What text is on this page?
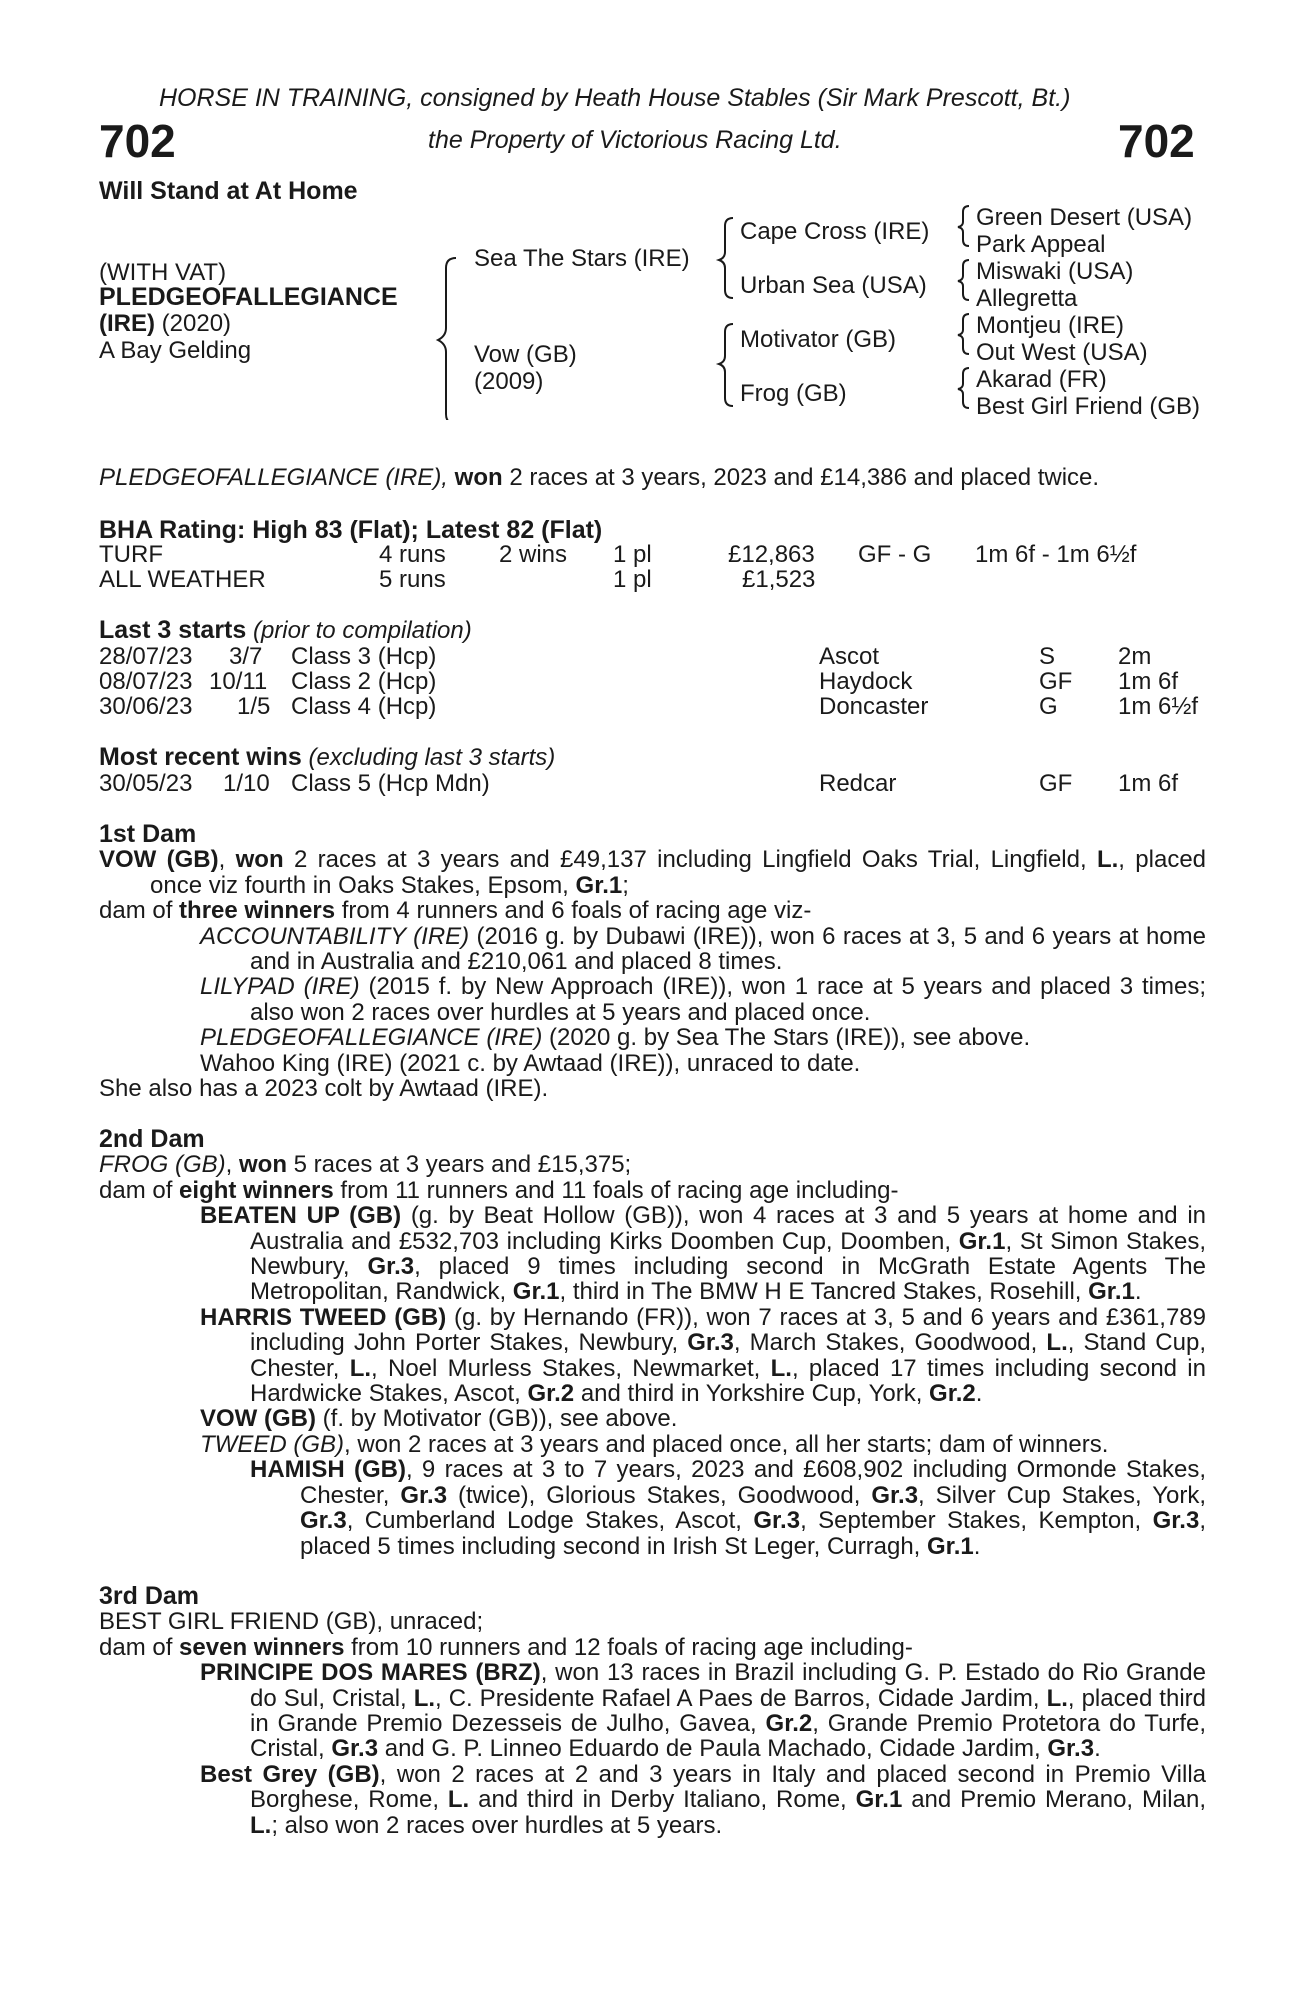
HORSE IN TRAINING, consigned by Heath House Stables (Sir Mark Prescott, Bt.)
702	the Property of Victorious Racing Ltd.	702
Will Stand at At Home
(WITH VAT)
PLEDGEOFALLEGIANCE
(IRE) (2020)
A Bay Gelding
Sea The Stars (IRE)
Vow (GB)
(2009)
Cape Cross (IRE)
Urban Sea (USA)
Motivator (GB)
Frog (GB)
Green Desert (USA)
Park Appeal
Miswaki (USA)
Allegretta
Montjeu (IRE)
Out West (USA)
Akarad (FR)
Best Girl Friend (GB)
PLEDGEOFALLEGIANCE (IRE), won 2 races at 3 years, 2023 and £14,386 and placed twice.
BHA Rating: High 83 (Flat); Latest 82 (Flat)
TURF	4 runs 2 wins 1 pl	£12,863 GF - G 1m 6f - 1m 6½f
ALL WEATHER	5 runs	1 pl	£1,523
Last 3 starts (prior to compilation)
28/07/23 3/7 Class 3 (Hcp)	Ascot	S	2m
08/07/23 10/11 Class 2 (Hcp)	Haydock	GF 1m 6f
30/06/23 1/5 Class 4 (Hcp)	Doncaster	G	1m 6½f
Most recent wins (excluding last 3 starts)
30/05/23 1/10 Class 5 (Hcp Mdn)	Redcar	GF 1m 6f

1st Dam

VOW (GB), won 2 races at 3 years and £49,137 including Lingfield Oaks Trial, Lingfield, L., placed once viz fourth in Oaks Stakes, Epsom, Gr.1;

dam of three winners from 4 runners and 6 foals of racing age viz-

ACCOUNTABILITY (IRE) (2016 g. by Dubawi (IRE)), won 6 races at 3, 5 and 6 years at home and in Australia and £210,061 and placed 8 times.

LILYPAD (IRE) (2015 f. by New Approach (IRE)), won 1 race at 5 years and placed 3 times; also won 2 races over hurdles at 5 years and placed once.

PLEDGEOFALLEGIANCE (IRE) (2020 g. by Sea The Stars (IRE)), see above.

Wahoo King (IRE) (2021 c. by Awtaad (IRE)), unraced to date.

She also has a 2023 colt by Awtaad (IRE).

2nd Dam

FROG (GB), won 5 races at 3 years and £15,375;

dam of eight winners from 11 runners and 11 foals of racing age including-

BEATEN UP (GB) (g. by Beat Hollow (GB)), won 4 races at 3 and 5 years at home and in Australia and £532,703 including Kirks Doomben Cup, Doomben, Gr.1, St Simon Stakes, Newbury, Gr.3, placed 9 times including second in McGrath Estate Agents The Metropolitan, Randwick, Gr.1, third in The BMW H E Tancred Stakes, Rosehill, Gr.1.

HARRIS TWEED (GB) (g. by Hernando (FR)), won 7 races at 3, 5 and 6 years and £361,789 including John Porter Stakes, Newbury, Gr.3, March Stakes, Goodwood, L., Stand Cup, Chester, L., Noel Murless Stakes, Newmarket, L., placed 17 times including second in Hardwicke Stakes, Ascot, Gr.2 and third in Yorkshire Cup, York, Gr.2.

VOW (GB) (f. by Motivator (GB)), see above.

TWEED (GB), won 2 races at 3 years and placed once, all her starts; dam of winners.

HAMISH (GB), 9 races at 3 to 7 years, 2023 and £608,902 including Ormonde Stakes, Chester, Gr.3 (twice), Glorious Stakes, Goodwood, Gr.3, Silver Cup Stakes, York, Gr.3, Cumberland Lodge Stakes, Ascot, Gr.3, September Stakes, Kempton, Gr.3, placed 5 times including second in Irish St Leger, Curragh, Gr.1.

3rd Dam

BEST GIRL FRIEND (GB), unraced;

dam of seven winners from 10 runners and 12 foals of racing age including-

PRINCIPE DOS MARES (BRZ), won 13 races in Brazil including G. P. Estado do Rio Grande do Sul, Cristal, L., C. Presidente Rafael A Paes de Barros, Cidade Jardim, L., placed third in Grande Premio Dezesseis de Julho, Gavea, Gr.2, Grande Premio Protetora do Turfe, Cristal, Gr.3 and G. P. Linneo Eduardo de Paula Machado, Cidade Jardim, Gr.3.

Best Grey (GB), won 2 races at 2 and 3 years in Italy and placed second in Premio Villa Borghese, Rome, L. and third in Derby Italiano, Rome, Gr.1 and Premio Merano, Milan, L.; also won 2 races over hurdles at 5 years.
